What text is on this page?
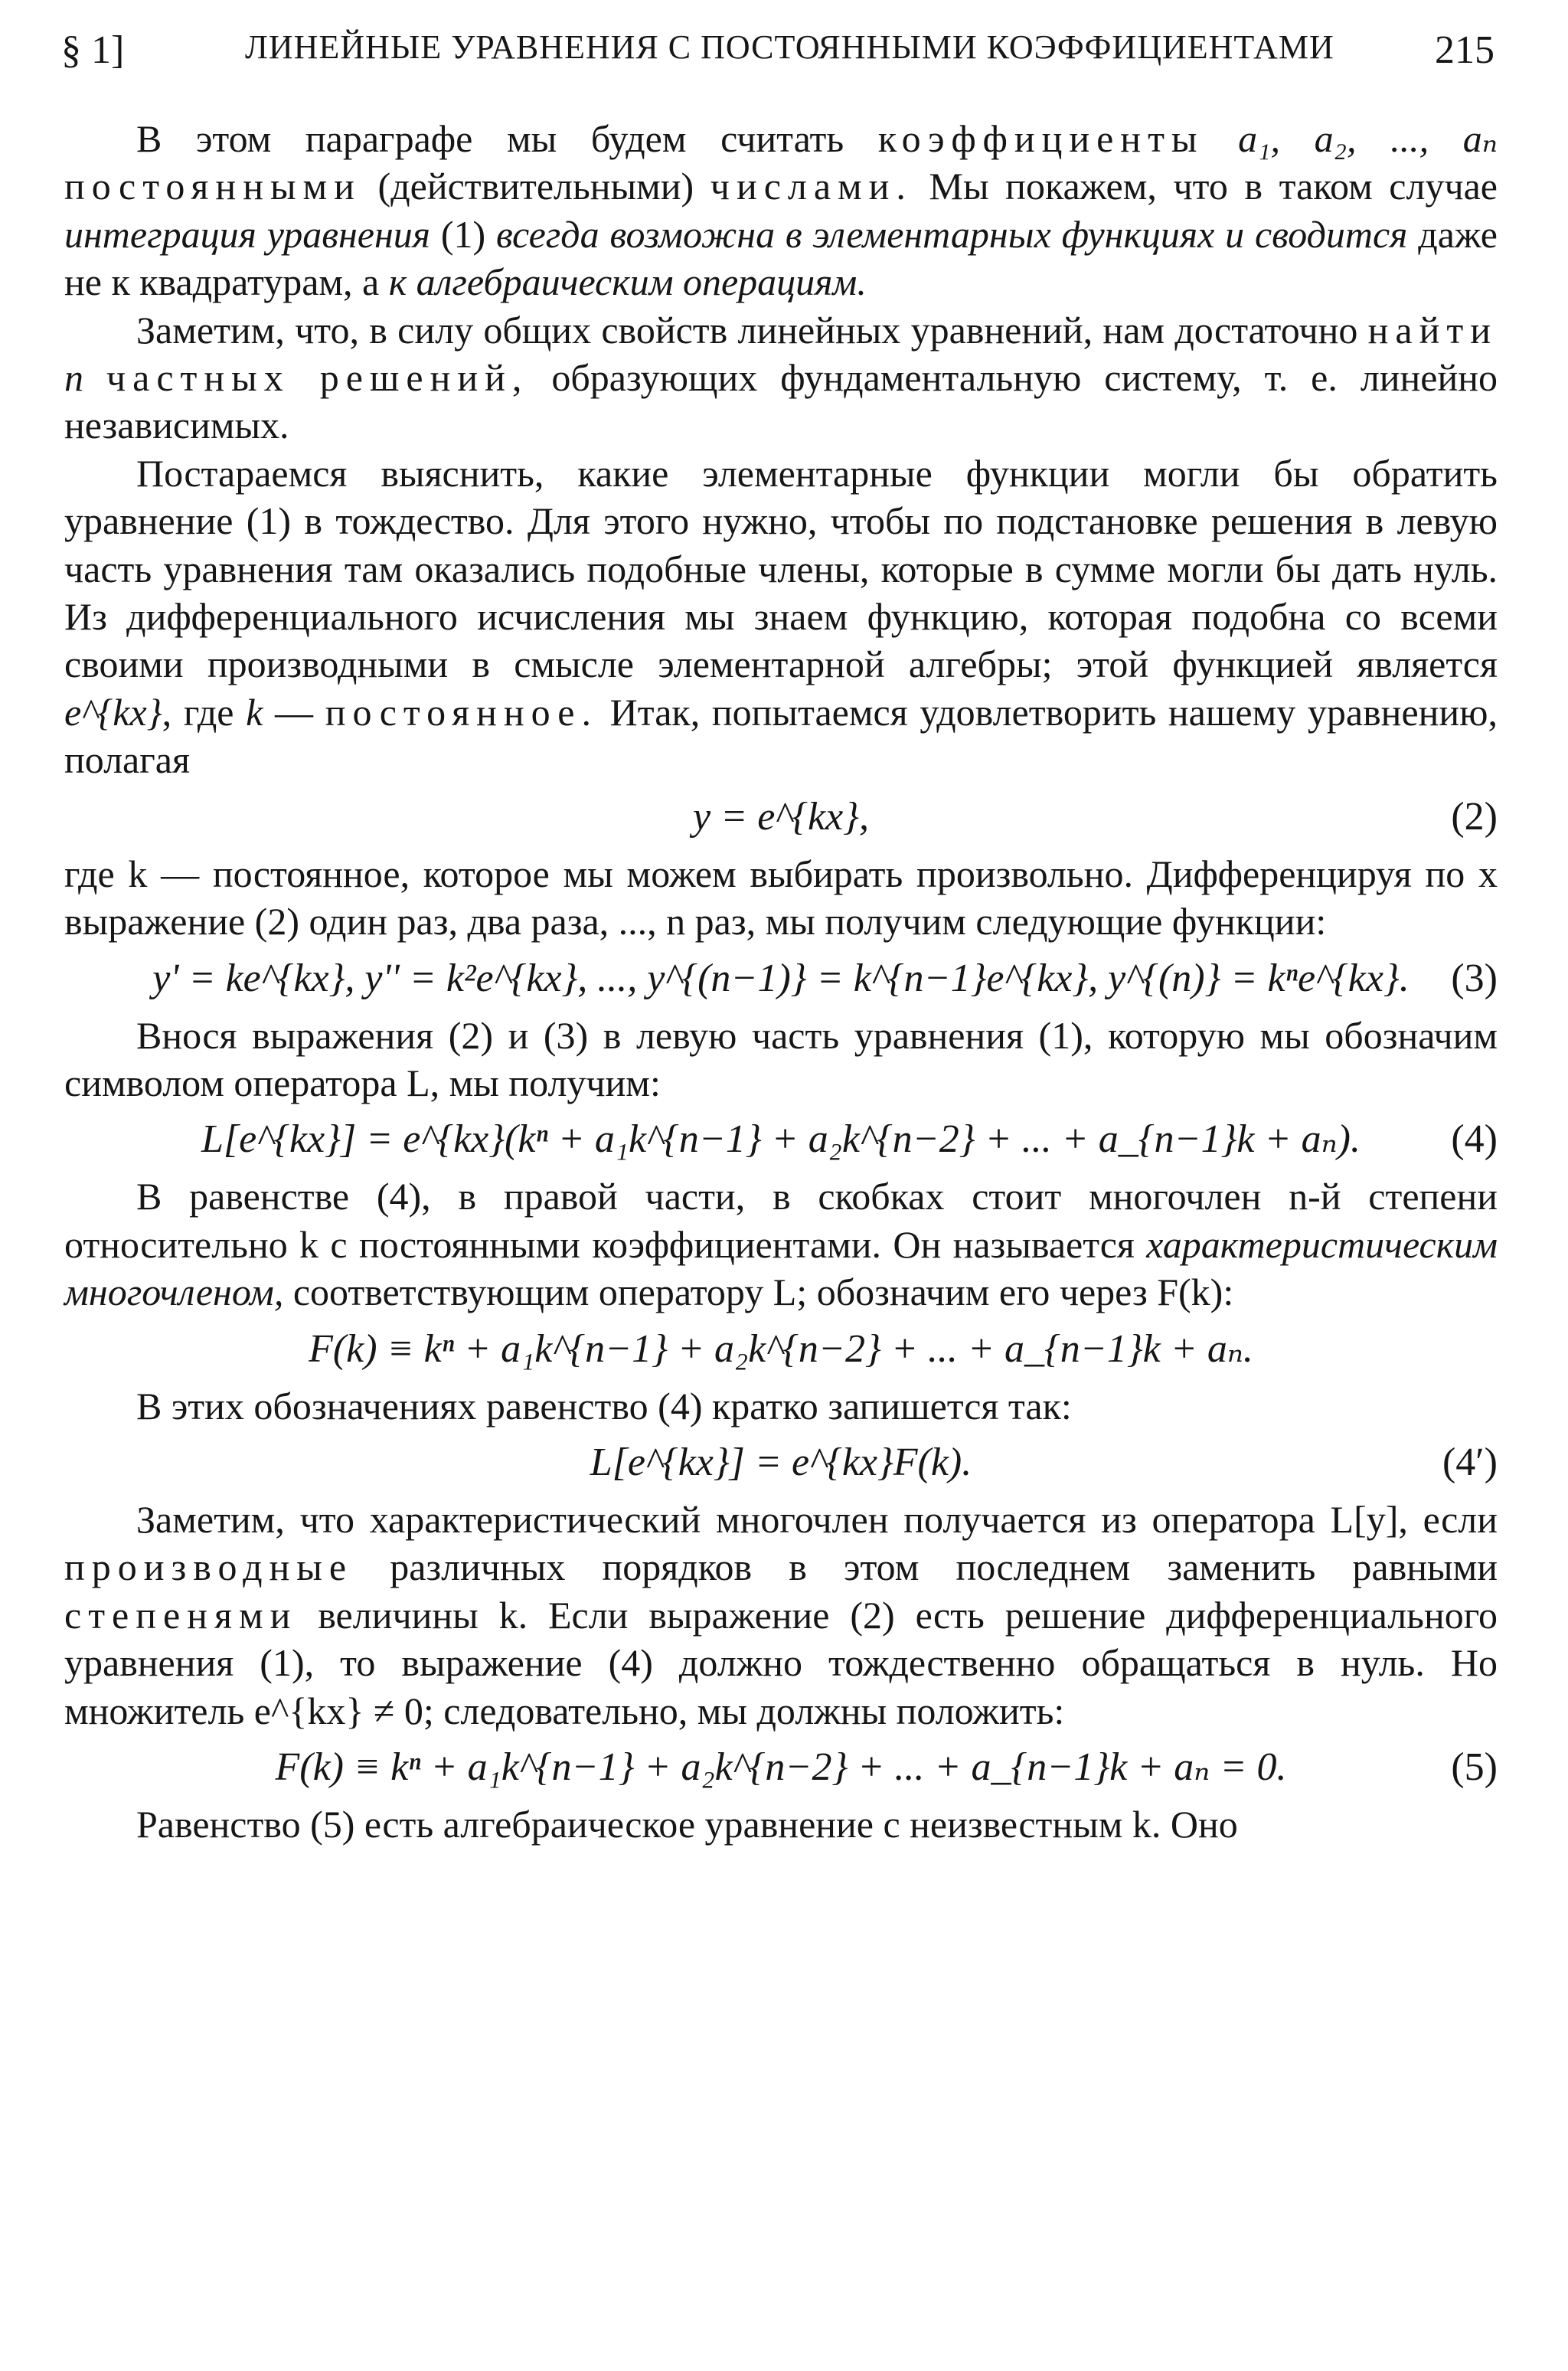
§ 1]	ЛИНЕЙНЫЕ УРАВНЕНИЯ С ПОСТОЯННЫМИ КОЭФФИЦИЕНТАМИ	215

В этом параграфе мы будем считать коэффициенты a₁, a₂, ..., aₙ постоянными (действительными) числами. Мы покажем, что в таком случае интеграция уравнения (1) всегда возможна в элементарных функциях и сводится даже не к квадратурам, а к алгебраическим операциям.

Заметим, что, в силу общих свойств линейных уравнений, нам достаточно найти n частных решений, образующих фундаментальную систему, т. е. линейно независимых.

Постараемся выяснить, какие элементарные функции могли бы обратить уравнение (1) в тождество. Для этого нужно, чтобы по подстановке решения в левую часть уравнения там оказались подобные члены, которые в сумме могли бы дать нуль. Из дифференциального исчисления мы знаем функцию, которая подобна со всеми своими производными в смысле элементарной алгебры; этой функцией является e^{kx}, где k — постоянное. Итак, попытаемся удовлетворить нашему уравнению, полагая

y = e^{kx},	(2)

где k — постоянное, которое мы можем выбирать произвольно. Дифференцируя по x выражение (2) один раз, два раза, ..., n раз, мы получим следующие функции:

y' = ke^{kx}, y'' = k²e^{kx}, ..., y^{(n−1)} = k^{n−1}e^{kx}, y^{(n)} = kⁿe^{kx}.	(3)

Внося выражения (2) и (3) в левую часть уравнения (1), которую мы обозначим символом оператора L, мы получим:

L[e^{kx}] = e^{kx}(kⁿ + a₁k^{n−1} + a₂k^{n−2} + ... + a_{n−1}k + aₙ).	(4)

В равенстве (4), в правой части, в скобках стоит многочлен n-й степени относительно k с постоянными коэффициентами. Он называется характеристическим многочленом, соответствующим оператору L; обозначим его через F(k):

F(k) ≡ kⁿ + a₁k^{n−1} + a₂k^{n−2} + ... + a_{n−1}k + aₙ.

В этих обозначениях равенство (4) кратко запишется так:

L[e^{kx}] = e^{kx}F(k).	(4′)

Заметим, что характеристический многочлен получается из оператора L[y], если производные различных порядков в этом последнем заменить равными степенями величины k. Если выражение (2) есть решение дифференциального уравнения (1), то выражение (4) должно тождественно обращаться в нуль. Но множитель e^{kx} ≠ 0; следовательно, мы должны положить:

F(k) ≡ kⁿ + a₁k^{n−1} + a₂k^{n−2} + ... + a_{n−1}k + aₙ = 0.	(5)

Равенство (5) есть алгебраическое уравнение с неизвестным k. Оно
